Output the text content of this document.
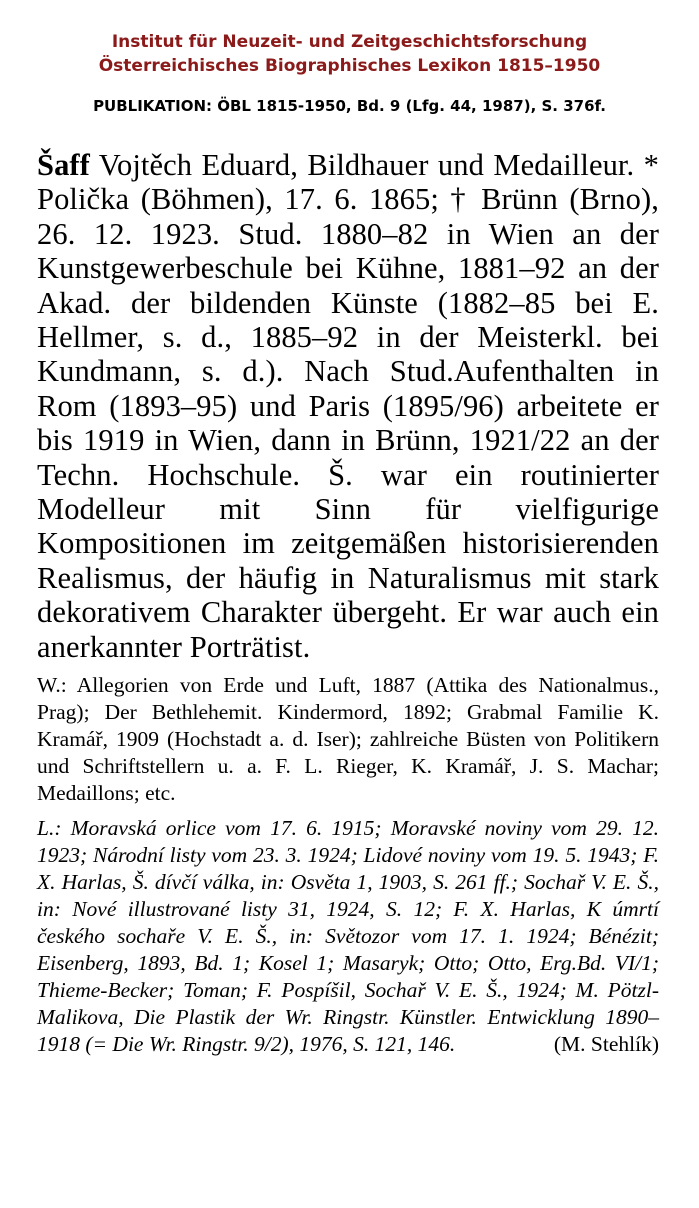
Institut für Neuzeit- und Zeitgeschichtsforschung
Österreichisches Biographisches Lexikon 1815–1950
PUBLIKATION: ÖBL 1815-1950, Bd. 9 (Lfg. 44, 1987), S. 376f.

Šaff Vojtěch Eduard, Bildhauer und Medailleur. * Polička (Böhmen), 17. 6. 1865; † Brünn (Brno), 26. 12. 1923. Stud. 1880–82 in Wien an der Kunstgewerbeschule bei Kühne, 1881–92 an der Akad. der bildenden Künste (1882–85 bei E. Hellmer, s. d., 1885–92 in der Meisterkl. bei Kundmann, s. d.). Nach Stud.Aufenthalten in Rom (1893–95) und Paris (1895/96) arbeitete er bis 1919 in Wien, dann in Brünn, 1921/22 an der Techn. Hochschule. Š. war ein routinierter Modelleur mit Sinn für vielfigurige Kompositionen im zeitgemäßen historisierenden Realismus, der häufig in Naturalismus mit stark dekorativem Charakter übergeht. Er war auch ein anerkannter Porträtist.

W.: Allegorien von Erde und Luft, 1887 (Attika des Nationalmus., Prag); Der Bethlehemit. Kindermord, 1892; Grabmal Familie K. Kramář, 1909 (Hochstadt a. d. Iser); zahlreiche Büsten von Politikern und Schriftstellern u. a. F. L. Rieger, K. Kramář, J. S. Machar; Medaillons; etc.

L.: Moravská orlice vom 17. 6. 1915; Moravské noviny vom 29. 12. 1923; Národní listy vom 23. 3. 1924; Lidové noviny vom 19. 5. 1943; F. X. Harlas, Š. dívčí válka, in: Osvěta 1, 1903, S. 261 ff.; Sochař V. E. Š., in: Nové illustrované listy 31, 1924, S. 12; F. X. Harlas, K úmrtí českého sochaře V. E. Š., in: Světozor vom 17. 1. 1924; Bénézit; Eisenberg, 1893, Bd. 1; Kosel 1; Masaryk; Otto; Otto, Erg.Bd. VI/1; Thieme-Becker; Toman; F. Pospíšil, Sochař V. E. Š., 1924; M. Pötzl-Malikova, Die Plastik der Wr. Ringstr. Künstler. Entwicklung 1890–1918 (= Die Wr. Ringstr. 9/2), 1976, S. 121, 146.	(M. Stehlík)
